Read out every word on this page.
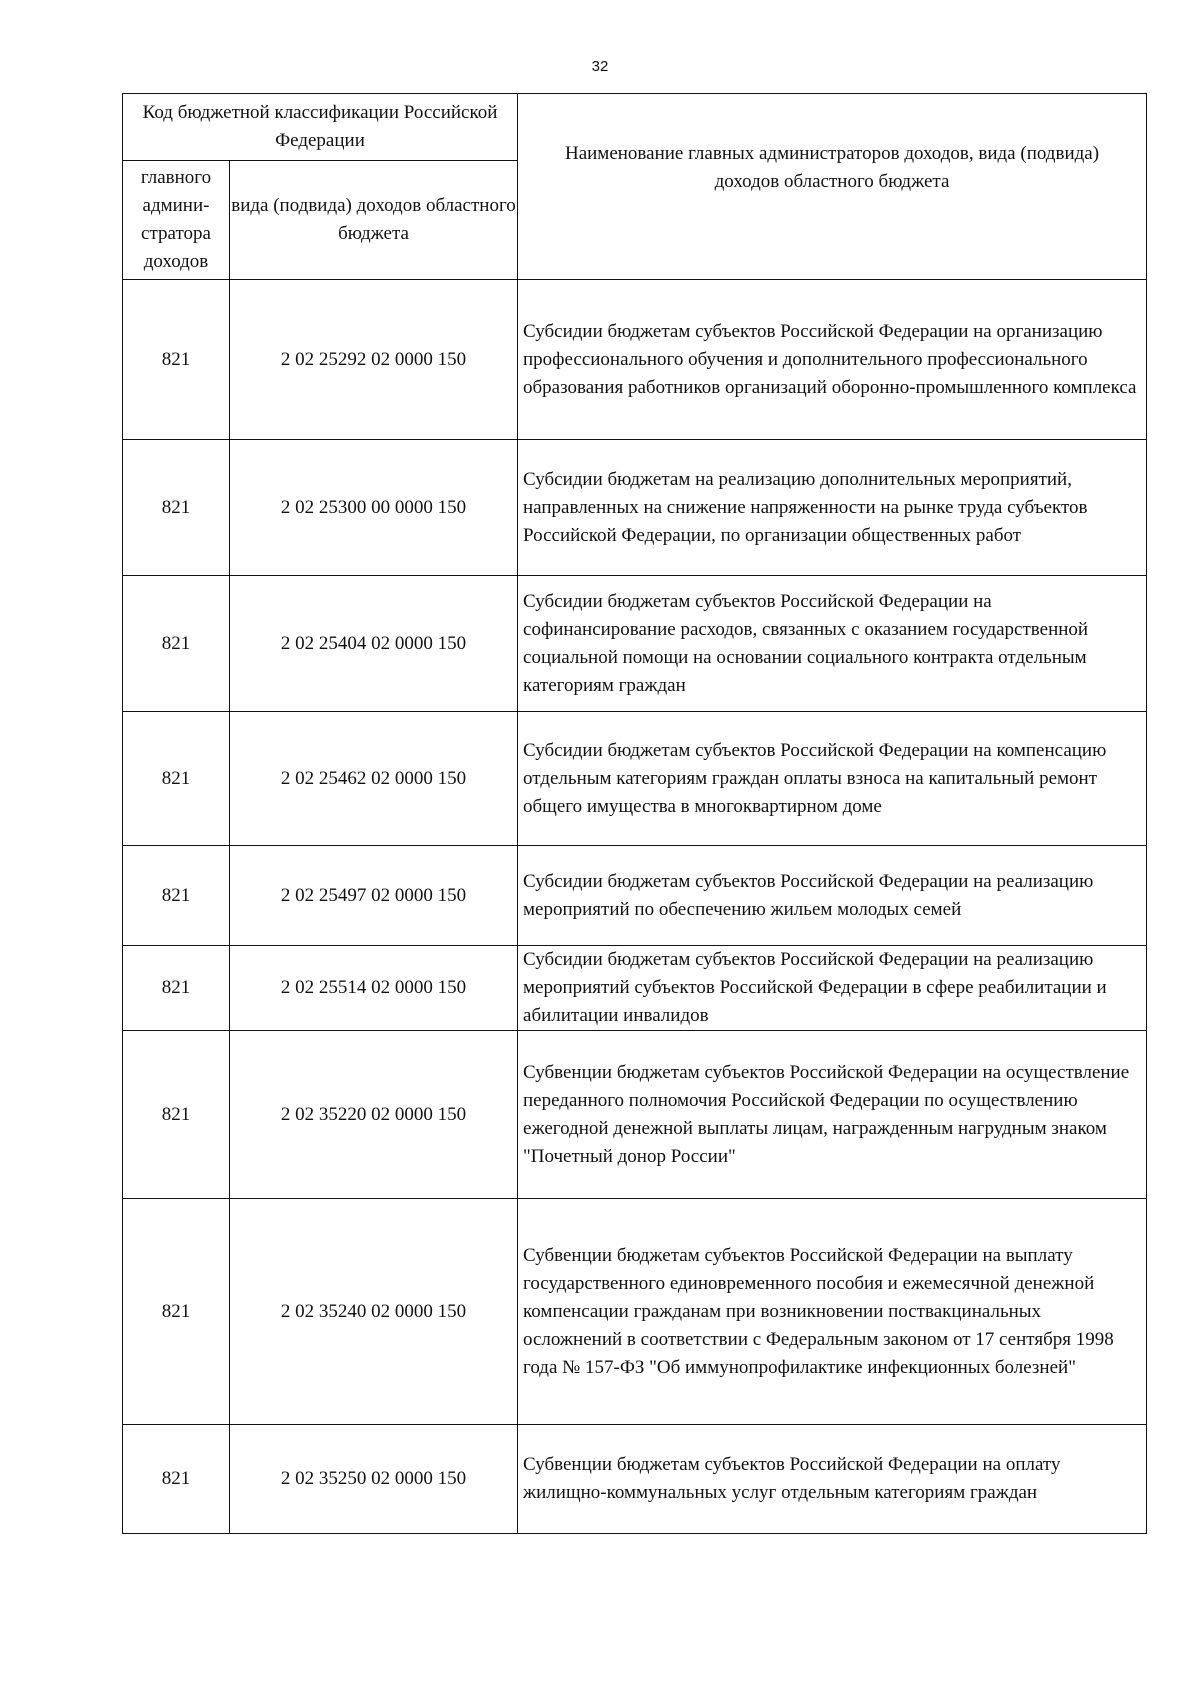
32
Код бюджетной классификации Российской Федерации		Наименование главных администраторов доходов, вида (подвида) доходов областного бюджета
главного админи-стратора доходов	вида (подвида) доходов областного бюджета	
821	2 02 25292 02 0000 150	Субсидии бюджетам субъектов Российской Федерации на организацию профессионального обучения и дополнительного профессионального образования работников организаций оборонно-промышленного комплекса
821	2 02 25300 00 0000 150	Субсидии бюджетам на реализацию дополнительных мероприятий, направленных на снижение напряженности на рынке труда субъектов Российской Федерации, по организации общественных работ
821	2 02 25404 02 0000 150	Субсидии бюджетам субъектов Российской Федерации на софинансирование расходов, связанных с оказанием государственной социальной помощи на основании социального контракта отдельным категориям граждан
821	2 02 25462 02 0000 150	Субсидии бюджетам субъектов Российской Федерации на компенсацию отдельным категориям граждан оплаты взноса на капитальный ремонт общего имущества в многоквартирном доме
821	2 02 25497 02 0000 150	Субсидии бюджетам субъектов Российской Федерации на реализацию мероприятий по обеспечению жильем молодых семей
821	2 02 25514 02 0000 150	Субсидии бюджетам субъектов Российской Федерации на реализацию мероприятий субъектов Российской Федерации в сфере реабилитации и абилитации инвалидов
821	2 02 35220 02 0000 150	Субвенции бюджетам субъектов Российской Федерации на осуществление переданного полномочия Российской Федерации по осуществлению ежегодной денежной выплаты лицам, награжденным нагрудным знаком "Почетный донор России"
821	2 02 35240 02 0000 150	Субвенции бюджетам субъектов Российской Федерации на выплату государственного единовременного пособия и ежемесячной денежной компенсации гражданам при возникновении поствакцинальных осложнений в соответствии с Федеральным законом от 17 сентября 1998 года № 157-ФЗ "Об иммунопрофилактике инфекционных болезней"
821	2 02 35250 02 0000 150	Субвенции бюджетам субъектов Российской Федерации на оплату жилищно-коммунальных услуг отдельным категориям граждан
